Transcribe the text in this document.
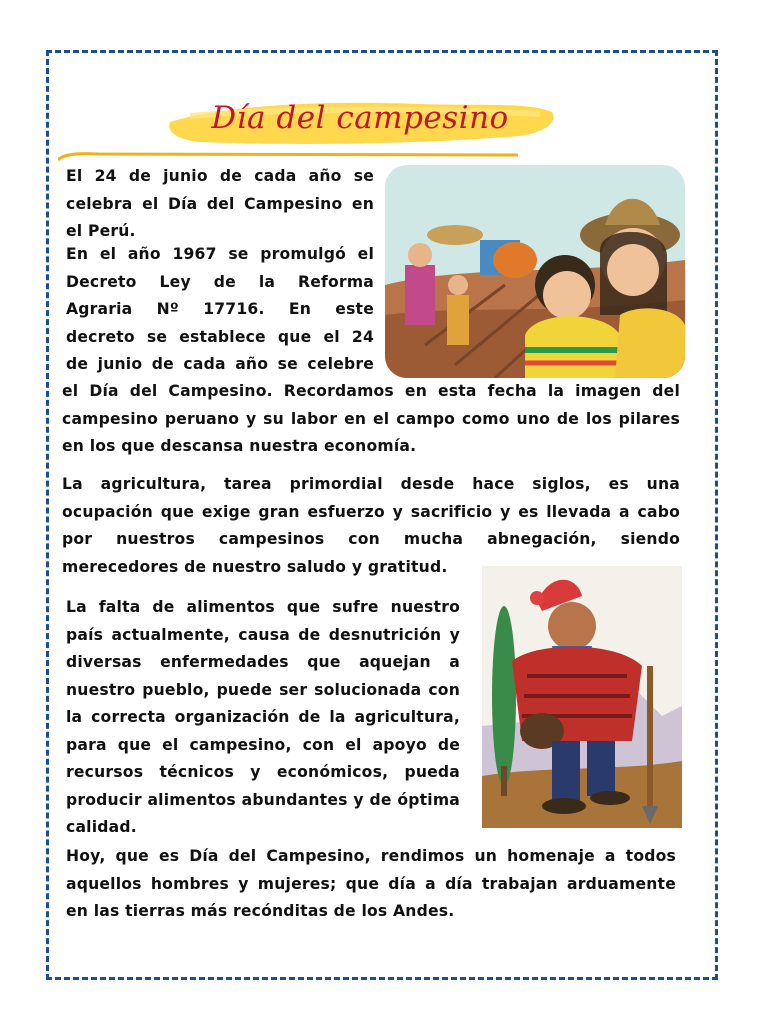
Día del campesino
El 24 de junio de cada año se
celebra el Día del Campesino en
el Perú.
En el año 1967 se promulgó el
Decreto Ley de la Reforma
Agraria Nº 17716. En este
decreto se establece que el 24
de junio de cada año se celebre
el Día del Campesino. Recordamos en esta fecha la imagen del
campesino peruano y su labor en el campo como uno de los pilares
en los que descansa nuestra economía.
La agricultura, tarea primordial desde hace siglos, es una
ocupación que exige gran esfuerzo y sacrificio y es llevada a cabo
por nuestros campesinos con mucha abnegación, siendo
merecedores de nuestro saludo y gratitud.
La falta de alimentos que sufre nuestro
país actualmente, causa de desnutrición y
diversas enfermedades que aquejan a
nuestro pueblo, puede ser solucionada con
la correcta organización de la agricultura,
para que el campesino, con el apoyo de
recursos técnicos y económicos, pueda
producir alimentos abundantes y de óptima
calidad.
Hoy, que es Día del Campesino, rendimos un homenaje a todos
aquellos hombres y mujeres; que día a día trabajan arduamente
en las tierras más recónditas de los Andes.
